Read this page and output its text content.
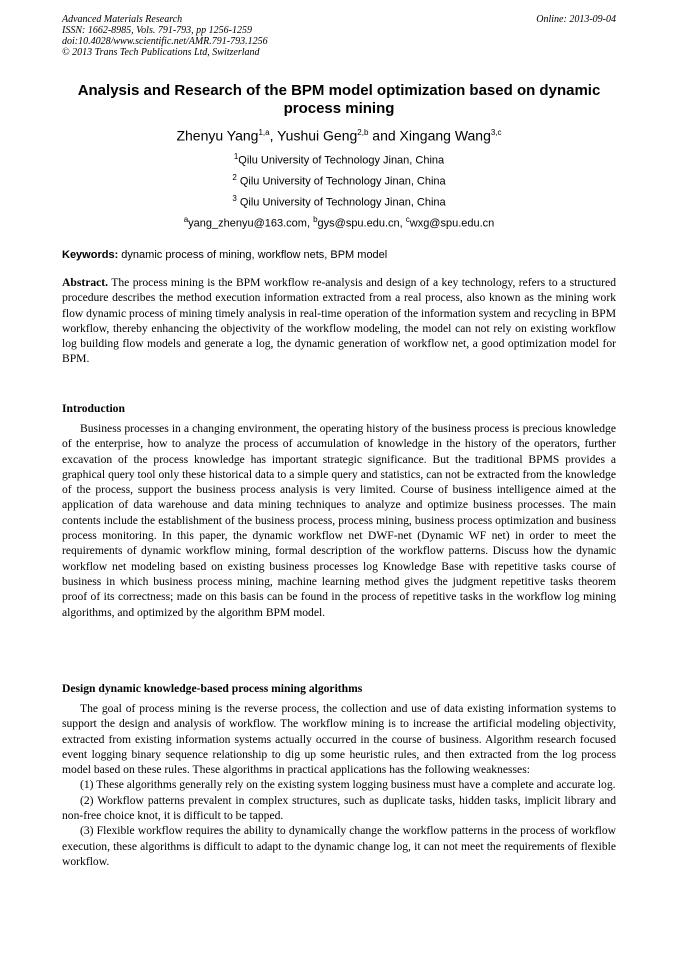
Advanced Materials Research
ISSN: 1662-8985, Vols. 791-793, pp 1256-1259
doi:10.4028/www.scientific.net/AMR.791-793.1256
© 2013 Trans Tech Publications Ltd, Switzerland
Online: 2013-09-04
Analysis and Research of the BPM model optimization based on dynamic process mining
Zhenyu Yang$^{1,a}$, Yushui Geng$^{2,b}$ and Xingang Wang$^{3,c}$
$^1$Qilu University of Technology Jinan, China
$^2$ Qilu University of Technology Jinan, China
$^3$ Qilu University of Technology Jinan, China
$^a$yang_zhenyu@163.com, $^b$gys@spu.edu.cn, $^c$wxg@spu.edu.cn
Keywords: dynamic process of mining, workflow nets, BPM model

Abstract. The process mining is the BPM workflow re-analysis and design of a key technology, refers to a structured procedure describes the method execution information extracted from a real process, also known as the mining work flow dynamic process of mining timely analysis in real-time operation of the information system and recycling in BPM workflow, thereby enhancing the objectivity of the workflow modeling, the model can not rely on existing workflow log building flow models and generate a log, the dynamic generation of workflow net, a good optimization model for BPM.

Introduction

Business processes in a changing environment, the operating history of the business process is precious knowledge of the enterprise, how to analyze the process of accumulation of knowledge in the history of the operators, further excavation of the process knowledge has important strategic significance. But the traditional BPMS provides a graphical query tool only these historical data to a simple query and statistics, can not be extracted from the knowledge of the process, support the business process analysis is very limited. Course of business intelligence aimed at the application of data warehouse and data mining techniques to analyze and optimize business processes. The main contents include the establishment of the business process, process mining, business process optimization and business process monitoring. In this paper, the dynamic workflow net DWF-net (Dynamic WF net) in order to meet the requirements of dynamic workflow mining, formal description of the workflow patterns. Discuss how the dynamic workflow net modeling based on existing business processes log Knowledge Base with repetitive tasks course of business in which business process mining, machine learning method gives the judgment repetitive tasks theorem proof of its correctness; made on this basis can be found in the process of repetitive tasks in the workflow log mining algorithms, and optimized by the algorithm BPM model.

Design dynamic knowledge-based process mining algorithms

The goal of process mining is the reverse process, the collection and use of data existing information systems to support the design and analysis of workflow. The workflow mining is to increase the artificial modeling objectivity, extracted from existing information systems actually occurred in the course of business. Algorithm research focused event logging binary sequence relationship to dig up some heuristic rules, and then extracted from the log process model based on these rules. These algorithms in practical applications has the following weaknesses:

(1) These algorithms generally rely on the existing system logging business must have a complete and accurate log.

(2) Workflow patterns prevalent in complex structures, such as duplicate tasks, hidden tasks, implicit library and non-free choice knot, it is difficult to be tapped.

(3) Flexible workflow requires the ability to dynamically change the workflow patterns in the process of workflow execution, these algorithms is difficult to adapt to the dynamic change log, it can not meet the requirements of flexible workflow.
